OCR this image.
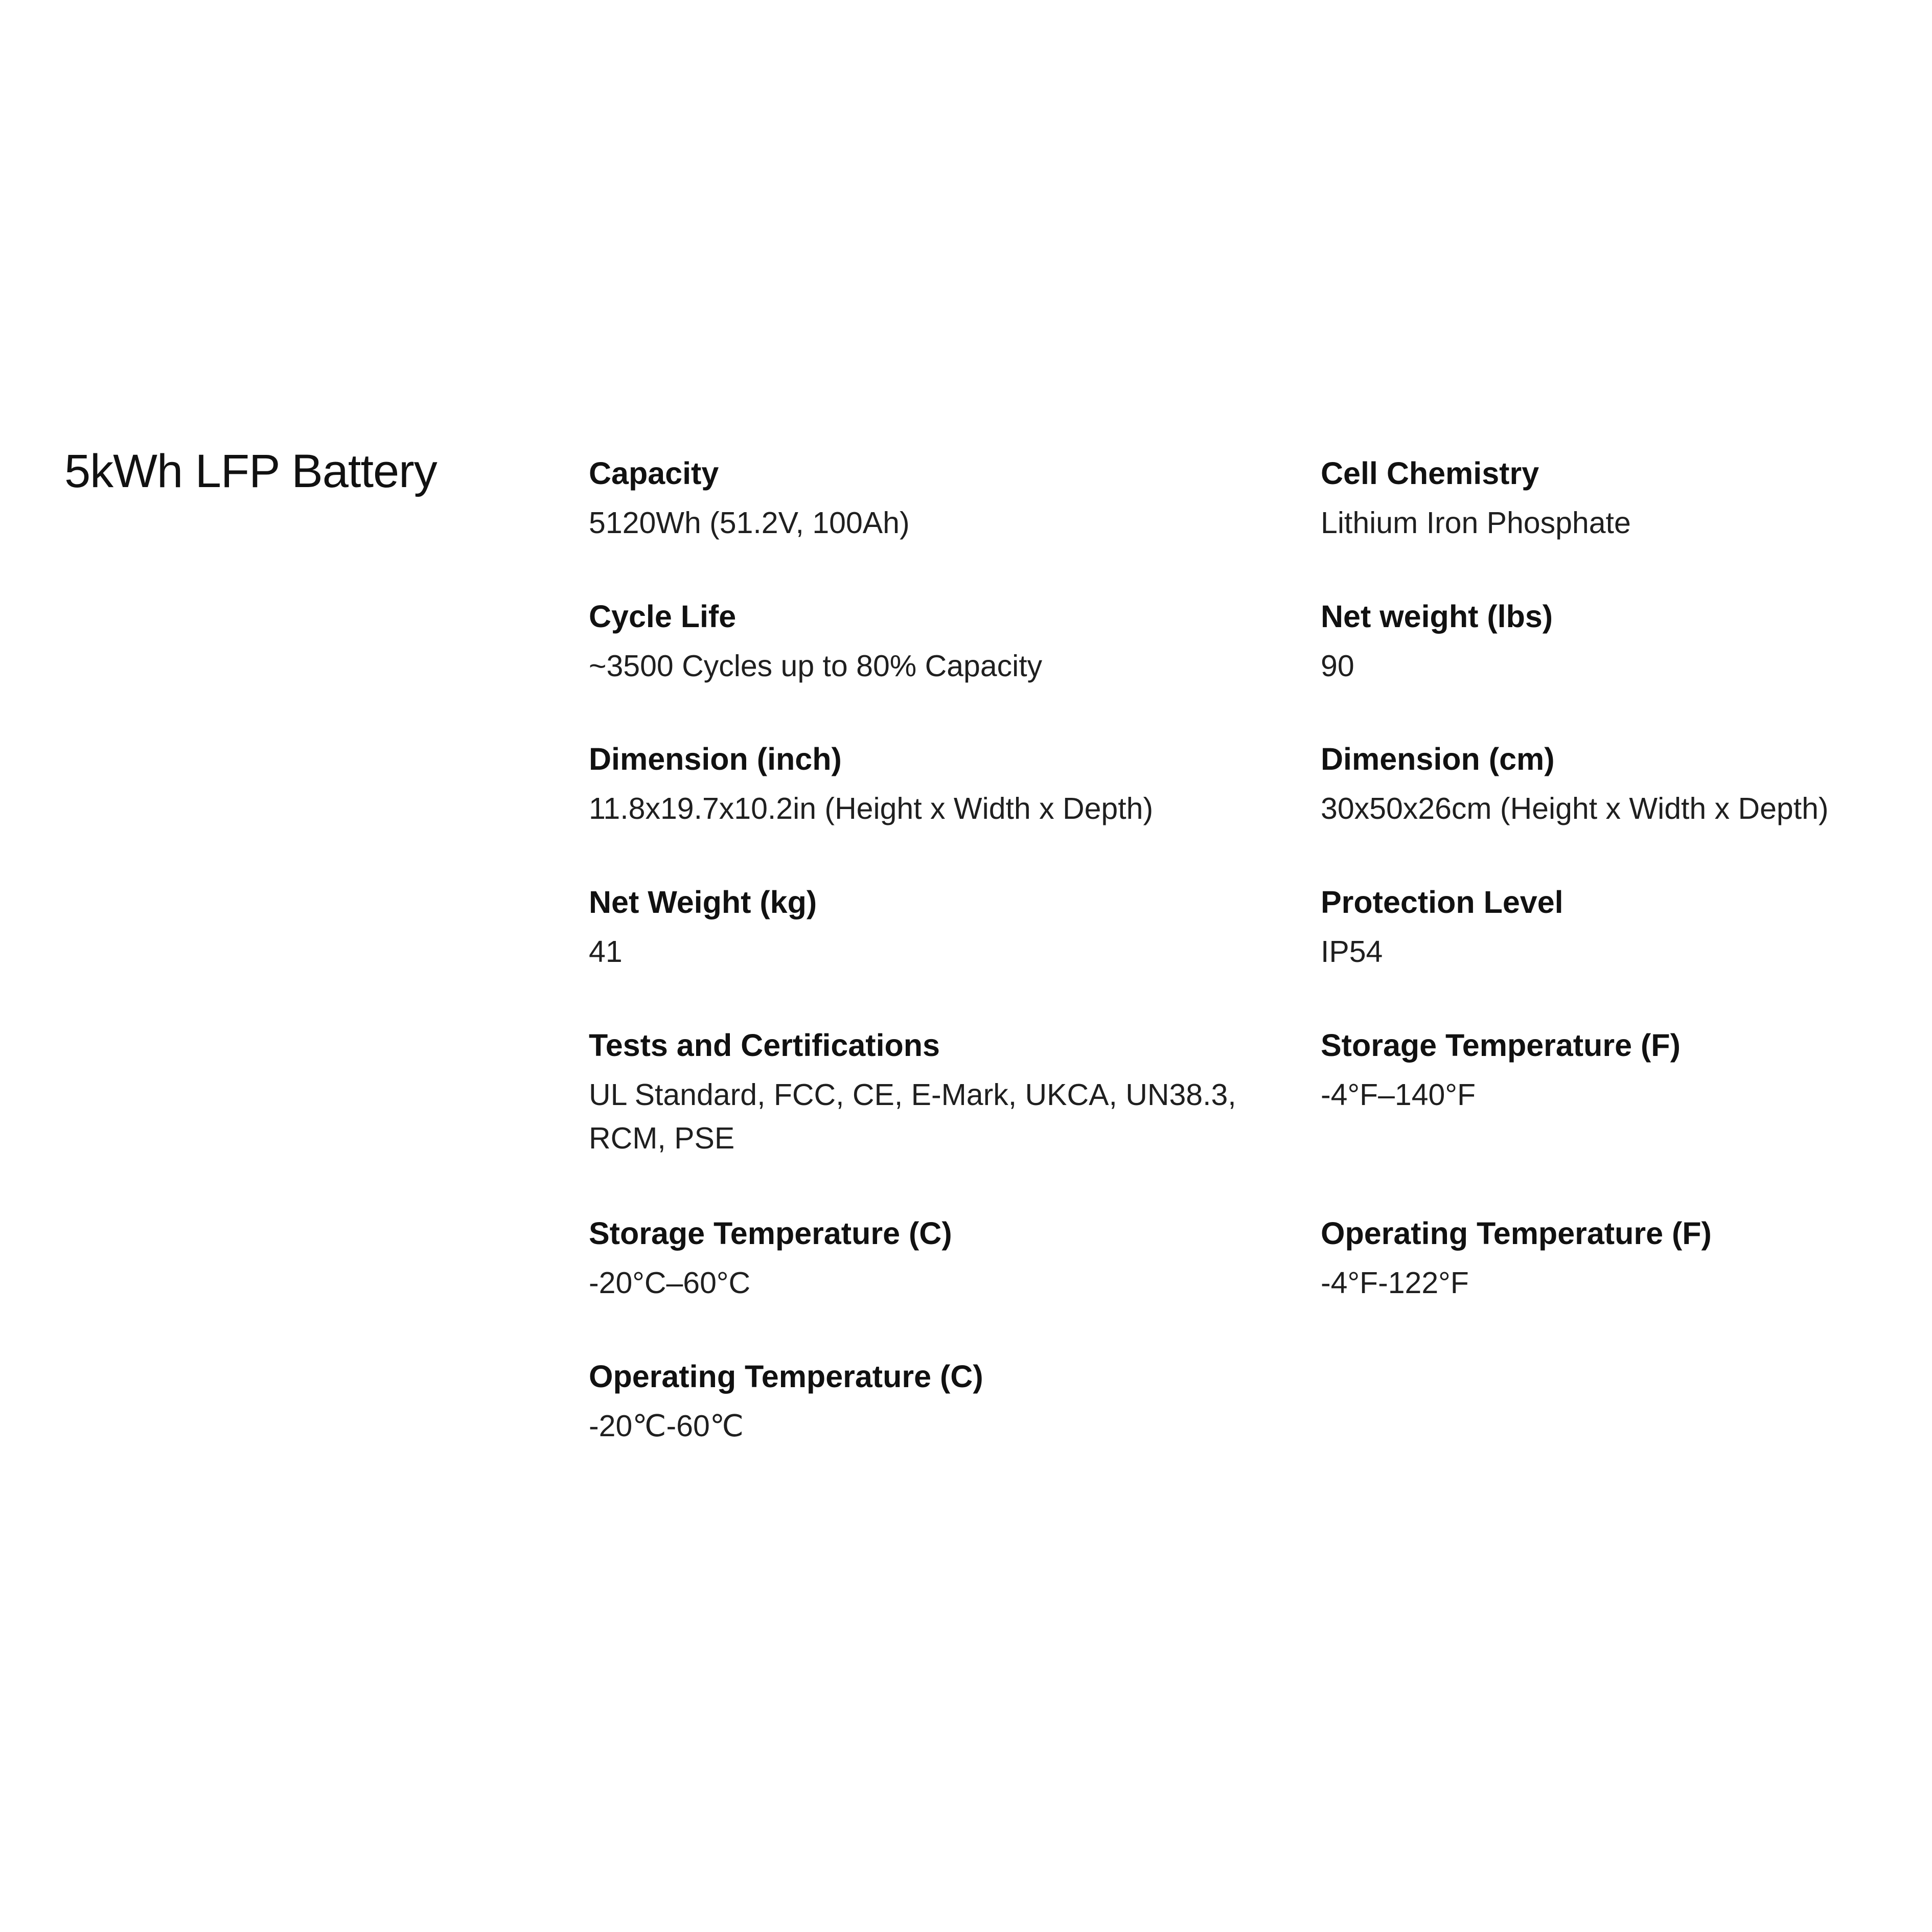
5kWh LFP Battery	Capacity
5120Wh (51.2V, 100Ah)
Cell Chemistry
Lithium Iron Phosphate
Cycle Life
~3500 Cycles up to 80% Capacity
Net weight (lbs)
90
Dimension (inch)
11.8x19.7x10.2in (Height x Width x Depth)
Dimension (cm)
30x50x26cm (Height x Width x Depth)
Net Weight (kg)
41
Protection Level
IP54
Tests and Certifications
UL Standard, FCC, CE, E-Mark, UKCA, UN38.3,
RCM, PSE
Storage Temperature (F)
-4°F–140°F
Storage Temperature (C)
-20°C–60°C
Operating Temperature (F)
-4°F-122°F
Operating Temperature (C)
-20℃-60℃
